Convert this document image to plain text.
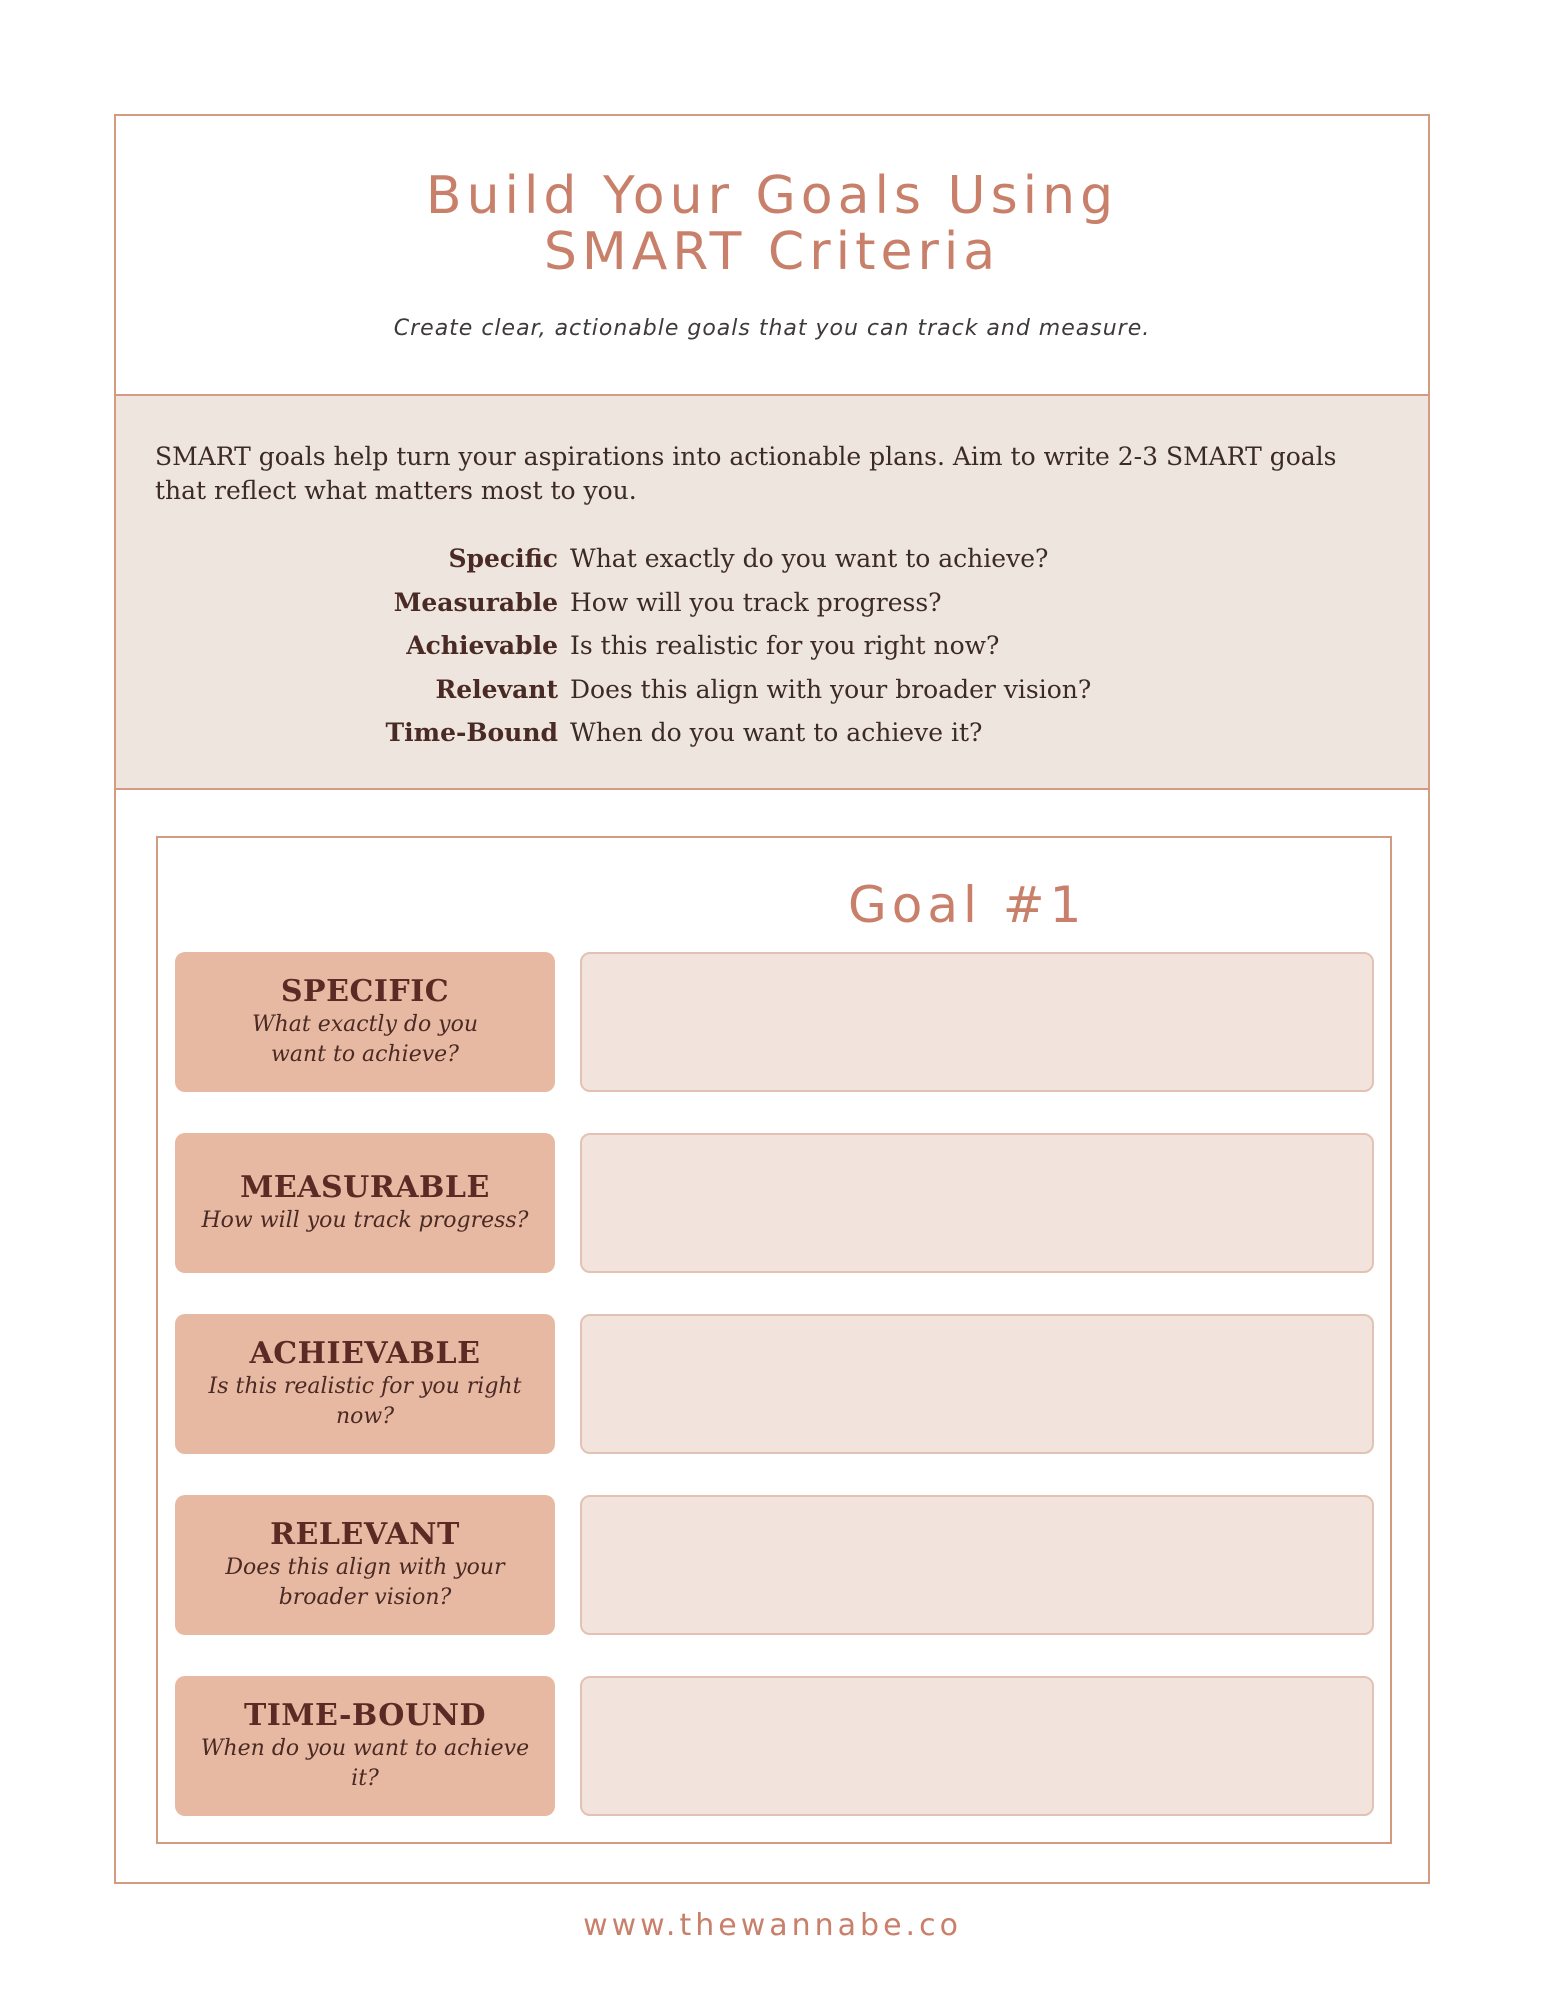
Build Your Goals Using
SMART Criteria
Create clear, actionable goals that you can track and measure.
SMART goals help turn your aspirations into actionable plans. Aim to write 2-3 SMART goals that reflect what matters most to you.
Specific What exactly do you want to achieve?
Measurable How will you track progress?
Achievable Is this realistic for you right now?
Relevant Does this align with your broader vision?
Time-Bound When do you want to achieve it?
Goal #1
SPECIFIC
What exactly do you
want to achieve?
MEASURABLE
How will you track progress?
ACHIEVABLE
Is this realistic for you right now?
RELEVANT
Does this align with your
broader vision?
TIME-BOUND
When do you want to achieve it?
www.thewannabe.co
